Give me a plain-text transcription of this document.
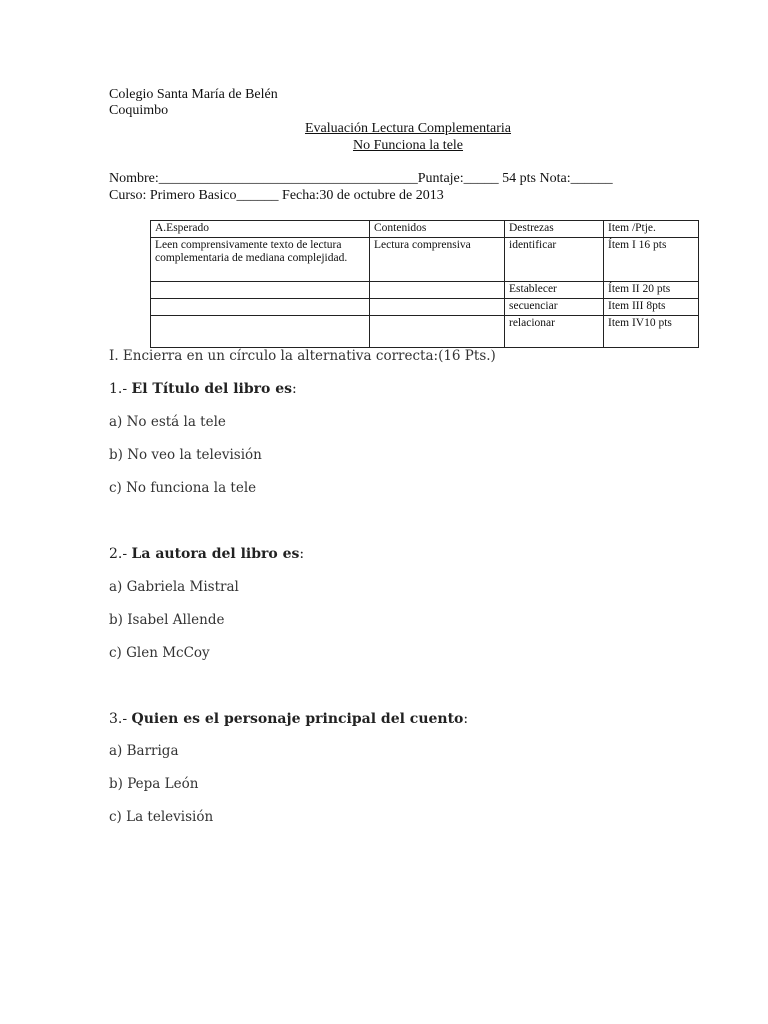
Colegio Santa María de Belén
Coquimbo
Evaluación Lectura Complementaria
No Funciona la tele
Nombre:_____________________________________Puntaje:_____ 54 pts Nota:______
Curso: Primero Basico______ Fecha:30 de octubre de 2013
A.Esperado	Contenidos	Destrezas	Item /Ptje.
Leen comprensivamente texto de lectura complementaria de mediana complejidad.	Lectura comprensiva	identificar	Ítem I 16 pts
		Establecer	Ítem II 20 pts
		secuenciar	Item III 8pts
		relacionar	Item IV10 pts
I. Encierra en un círculo la alternativa correcta:(16 Pts.)
1.- El Título del libro es:
a) No está la tele
b) No veo la televisión
c) No funciona la tele
2.- La autora del libro es:
a) Gabriela Mistral
b) Isabel Allende
c) Glen McCoy
3.- Quien es el personaje principal del cuento:
a) Barriga
b) Pepa León
c) La televisión
